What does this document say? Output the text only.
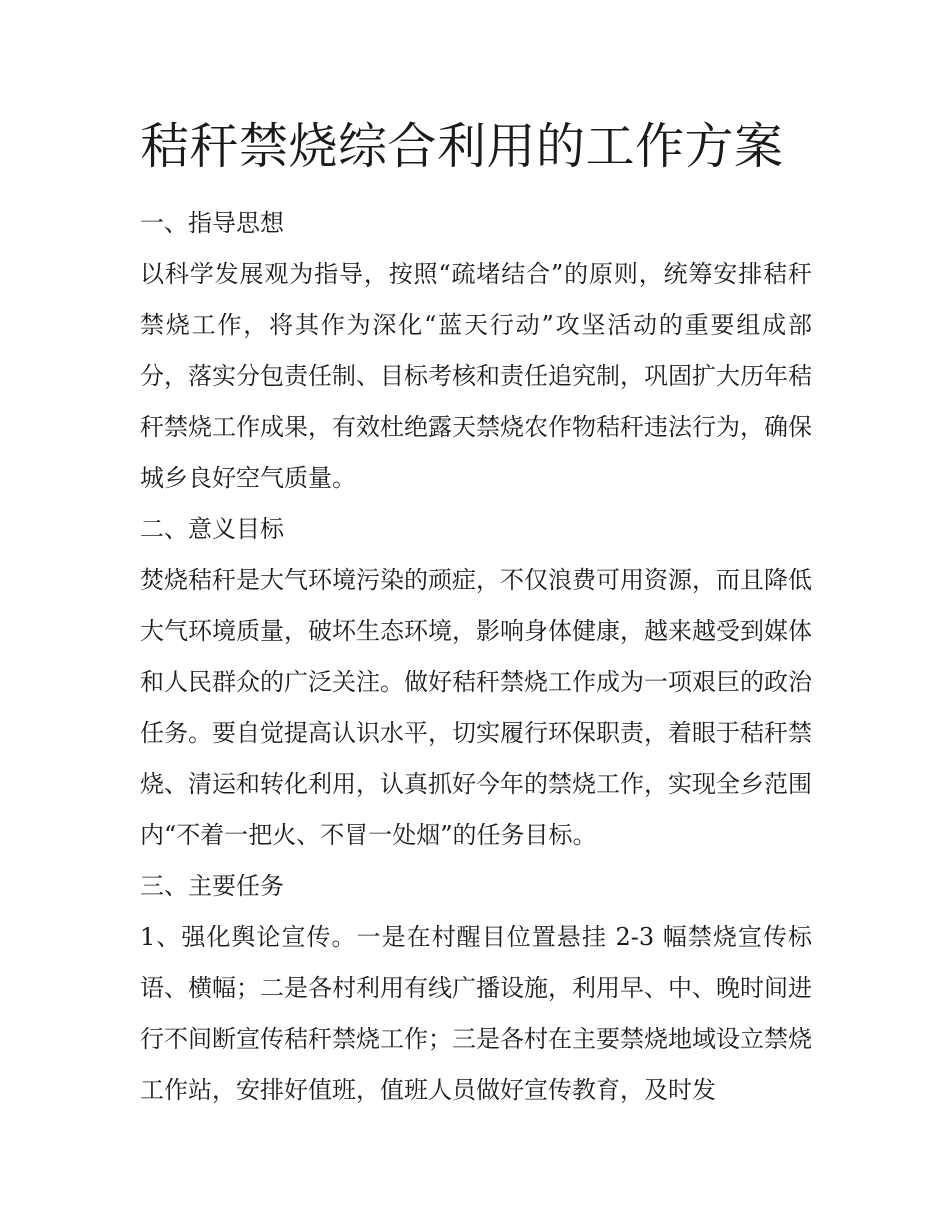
秸秆禁烧综合利用的工作方案

一、指导思想

以科学发展观为指导，按照“疏堵结合”的原则，统筹安排秸秆禁烧工作，将其作为深化“蓝天行动”攻坚活动的重要组成部分，落实分包责任制、目标考核和责任追究制，巩固扩大历年秸秆禁烧工作成果，有效杜绝露天禁烧农作物秸秆违法行为，确保城乡良好空气质量。

二、意义目标

焚烧秸秆是大气环境污染的顽症，不仅浪费可用资源，而且降低大气环境质量，破坏生态环境，影响身体健康，越来越受到媒体和人民群众的广泛关注。做好秸秆禁烧工作成为一项艰巨的政治任务。要自觉提高认识水平，切实履行环保职责，着眼于秸秆禁烧、清运和转化利用，认真抓好今年的禁烧工作，实现全乡范围内“不着一把火、不冒一处烟”的任务目标。

三、主要任务

1、强化舆论宣传。一是在村醒目位置悬挂 2-3 幅禁烧宣传标语、横幅；二是各村利用有线广播设施，利用早、中、晚时间进行不间断宣传秸秆禁烧工作；三是各村在主要禁烧地域设立禁烧工作站，安排好值班，值班人员做好宣传教育，及时发
